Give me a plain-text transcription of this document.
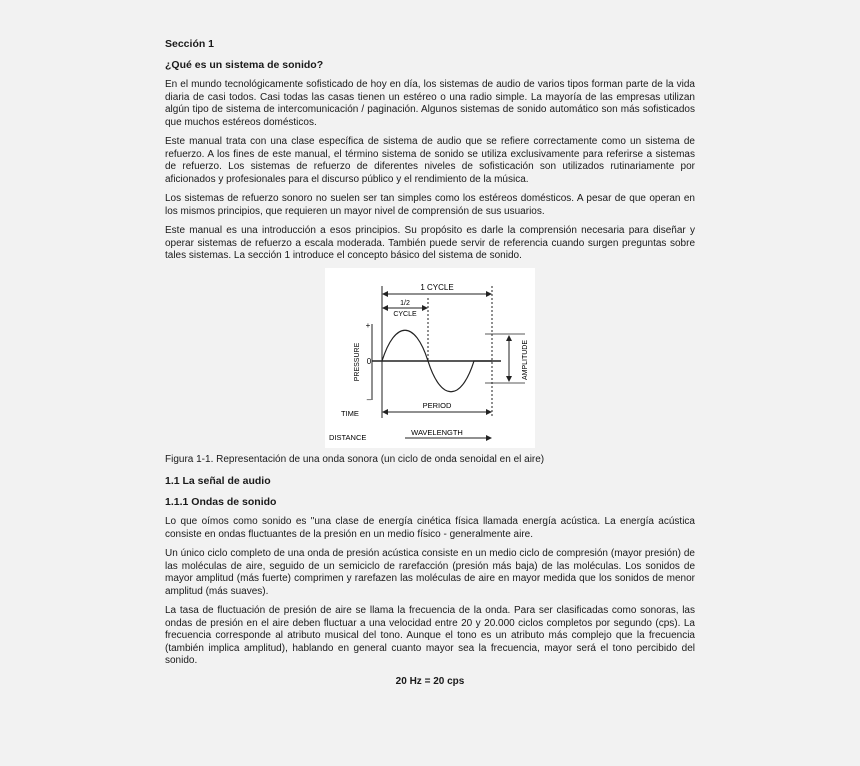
Sección 1
¿Qué es un sistema de sonido?

En el mundo tecnológicamente sofisticado de hoy en día, los sistemas de audio de varios tipos forman parte de la vida diaria de casi todos. Casi todas las casas tienen un estéreo o una radio simple. La mayoría de las empresas utilizan algún tipo de sistema de intercomunicación / paginación. Algunos sistemas de sonido automático son más sofisticados que muchos estéreos domésticos.

Este manual trata con una clase específica de sistema de audio que se refiere correctamente como un sistema de refuerzo. A los fines de este manual, el término sistema de sonido se utiliza exclusivamente para referirse a sistemas de refuerzo. Los sistemas de refuerzo de diferentes niveles de sofisticación son utilizados rutinariamente por aficionados y profesionales para el discurso público y el rendimiento de la música.

Los sistemas de refuerzo sonoro no suelen ser tan simples como los estéreos domésticos. A pesar de que operan en los mismos principios, que requieren un mayor nivel de comprensión de sus usuarios.

Este manual es una introducción a esos principios. Su propósito es darle la comprensión necesaria para diseñar y operar sistemas de refuerzo a escala moderada. También puede servir de referencia cuando surgen preguntas sobre tales sistemas. La sección 1 introduce el concepto básico del sistema de sonido.

1 CYCLE
1/2
CYCLE
+
0
–
PRESSURE	AMPLITUDE
TIME
PERIOD
DISTANCE
WAVELENGTH
Figura 1-1. Representación de una onda sonora (un ciclo de onda senoidal en el aire)
1.1 La señal de audio
1.1.1 Ondas de sonido

Lo que oímos como sonido es "una clase de energía cinética física llamada energía acústica. La energía acústica consiste en ondas fluctuantes de la presión en un medio físico - generalmente aire.

Un único ciclo completo de una onda de presión acústica consiste en un medio ciclo de compresión (mayor presión) de las moléculas de aire, seguido de un semiciclo de rarefacción (presión más baja) de las moléculas. Los sonidos de mayor amplitud (más fuerte) comprimen y rarefazen las moléculas de aire en mayor medida que los sonidos de menor amplitud (más suaves).

La tasa de fluctuación de presión de aire se llama la frecuencia de la onda. Para ser clasificadas como sonoras, las ondas de presión en el aire deben fluctuar a una velocidad entre 20 y 20.000 ciclos completos por segundo (cps). La frecuencia corresponde al atributo musical del tono. Aunque el tono es un atributo más complejo que la frecuencia (también implica amplitud), hablando en general cuanto mayor sea la frecuencia, mayor será el tono percibido del sonido.

20 Hz = 20 cps
